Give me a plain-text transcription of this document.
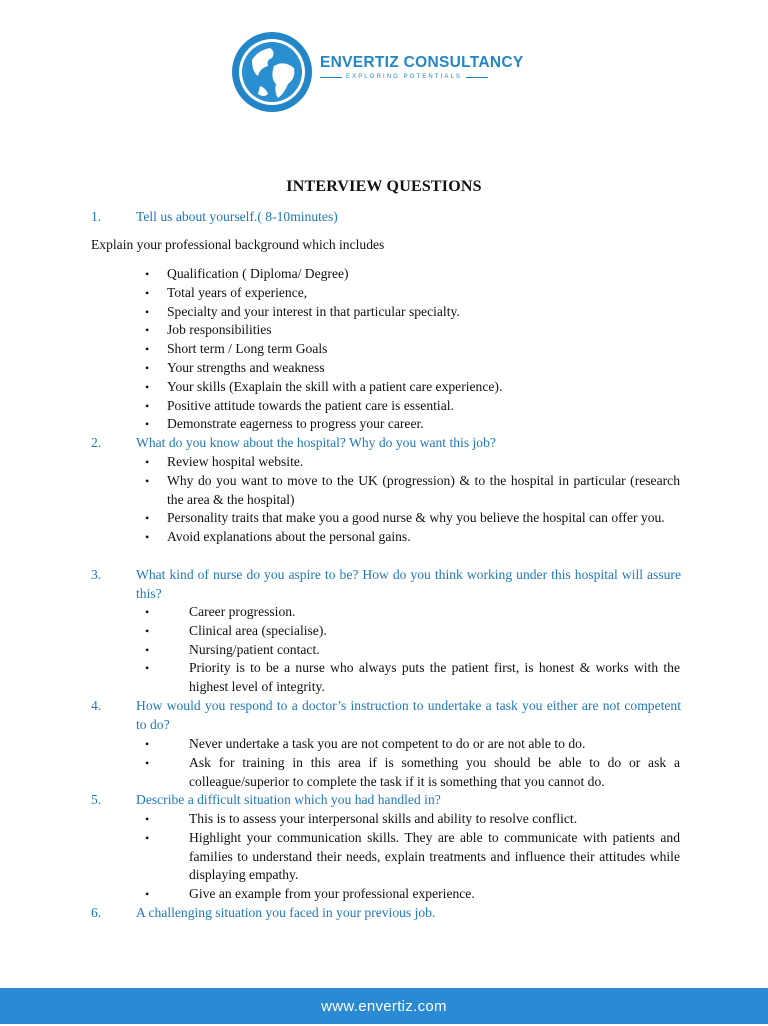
ENVERTIZ CONSULTANCY
EXPLORING POTENTIALS
INTERVIEW QUESTIONS
1.	Tell us about yourself.( 8-10minutes)
Explain your professional background which includes
• Qualification ( Diploma/ Degree)
• Total years of experience,
• Specialty and your interest in that particular specialty.
• Job responsibilities
• Short term / Long term Goals
• Your strengths and weakness
• Your skills (Exaplain the skill with a patient care experience).
• Positive attitude towards the patient care is essential.
• Demonstrate eagerness to progress your career.
2.	What do you know about the hospital? Why do you want this job?
• Review hospital website.
• Why do you want to move to the UK (progression) & to the hospital in particular (research the area & the hospital)
• Personality traits that make you a good nurse & why you believe the hospital can offer you.
• Avoid explanations about the personal gains.
3.	What kind of nurse do you aspire to be? How do you think working under this hospital will assure this?
•	Career progression.
•	Clinical area (specialise).
•	Nursing/patient contact.
•	Priority is to be a nurse who always puts the patient first, is honest & works with the highest level of integrity.
4.	How would you respond to a doctor’s instruction to undertake a task you either are not competent to do?
•	Never undertake a task you are not competent to do or are not able to do.
•	Ask for training in this area if is something you should be able to do or ask a colleague/superior to complete the task if it is something that you cannot do.
5.	Describe a difficult situation which you had handled in?
•	This is to assess your interpersonal skills and ability to resolve conflict.
•	Highlight your communication skills. They are able to communicate with patients and families to understand their needs, explain treatments and influence their attitudes while displaying empathy.
•	Give an example from your professional experience.
6.	A challenging situation you faced in your previous job.
www.envertiz.com
